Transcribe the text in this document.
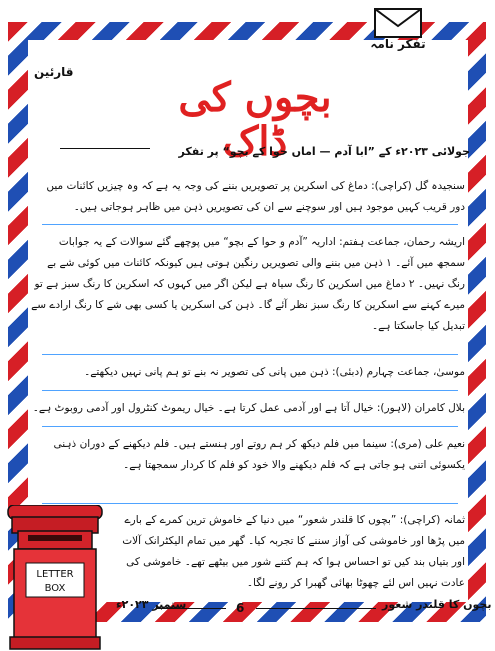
تفکر نامہ
قارئین
بچوں کی ڈاک
جولائی ۲۰۲۳ء کے ”ابا آدم — اماں حوا کے بچو“ پر تفکر
سنجیدہ گل (کراچی): دماغ کی اسکرین پر تصویریں بننے کی وجہ یہ ہے کہ وہ چیزیں کائنات میں دور قریب کہیں موجود ہیں اور سوچنے سے ان کی تصویریں ذہن میں ظاہر ہوجاتی ہیں۔
اریشہ رحمان، جماعت ہفتم: اداریہ ”آدم و حوا کے بچو“ میں پوچھے گئے سوالات کے یہ جوابات سمجھ میں آئے۔ ۱ ذہن میں بننے والی تصویریں رنگین ہوتی ہیں کیونکہ کائنات میں کوئی شے بے رنگ نہیں۔ ۲ دماغ میں اسکرین کا رنگ سیاہ ہے لیکن اگر میں کہوں کہ اسکرین کا رنگ سبز ہے تو میرے کہنے سے اسکرین کا رنگ سبز نظر آئے گا۔ ذہن کی اسکرین یا کسی بھی شے کا رنگ ارادے سے تبدیل کیا جاسکتا ہے۔
موسیٰ، جماعت چہارم (دبئی): ذہن میں پانی کی تصویر نہ بنے تو ہم پانی نہیں دیکھتے۔
بلال کامران (لاہور): خیال آتا ہے اور آدمی عمل کرتا ہے۔ خیال ریموٹ کنٹرول اور آدمی روبوٹ ہے۔
نعیم علی (مری): سینما میں فلم دیکھ کر ہم روتے اور ہنستے ہیں۔ فلم دیکھنے کے دوران ذہنی یکسوئی اتنی ہو جاتی ہے کہ فلم دیکھنے والا خود کو فلم کا کردار سمجھتا ہے۔
ثمانہ (کراچی): ”بچوں کا قلندر شعور“ میں دنیا کے خاموش ترین کمرے کے بارے میں پڑھا اور خاموشی کی آواز سننے کا تجربہ کیا۔ گھر میں تمام الیکٹرانک آلات اور بتیاں بند کیں تو احساس ہوا کہ ہم کتنے شور میں بیٹھے تھے۔ خاموشی کی عادت نہیں اس لئے چھوٹا بھائی گھبرا کر رونے لگا۔
LETTER
BOX
ستمبر ۲۰۲۳ء	6	بچوں کا قلندر شعور
